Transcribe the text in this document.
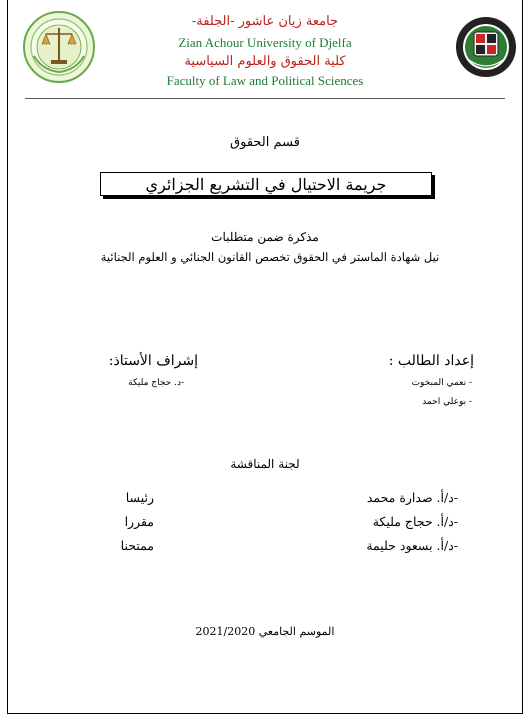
جامعة زيان عاشور -الجلفة-
Zian Achour University of Djelfa
كلية الحقوق والعلوم السياسية
Faculty of Law and Political Sciences
قسم الحقوق
جريمة الاحتيال في التشريع الجزائري
مذكرة ضمن متطلبات
نيل شهادة الماستر في الحقوق تخصص القانون الجنائي و العلوم الجنائية
إعداد الطالب :
- نعمي المبخوت
- بوعلي احمد
إشراف الأستاذ:
-د. حجاج مليكة
لجنة المناقشة
-د/أ. صدارة محمد
رئيسا
-د/أ. حجاج مليكة
مقررا
-د/أ. بسعود حليمة
ممتحنا
الموسم الجامعي 2021/2020
